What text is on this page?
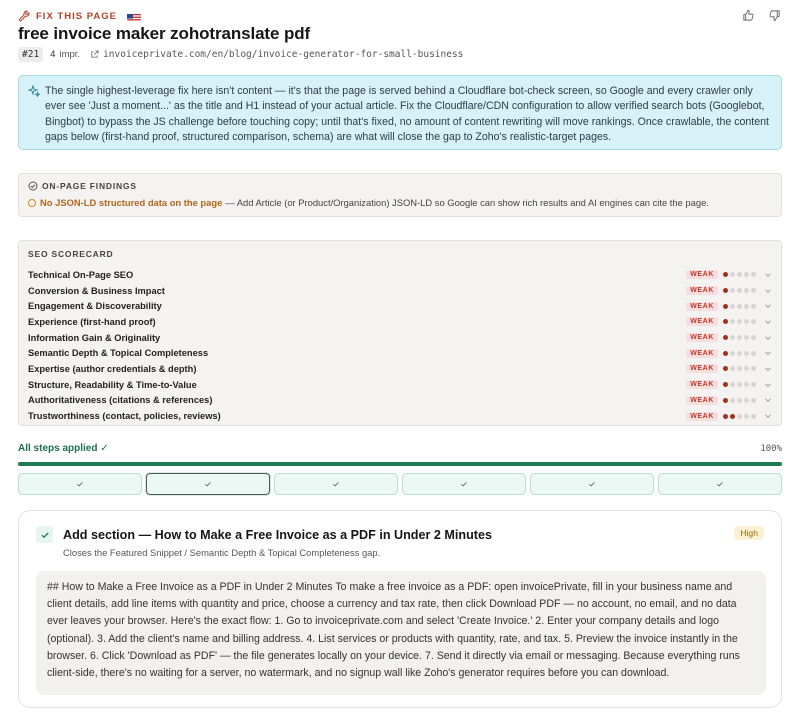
FIX THIS PAGE
free invoice maker zohotranslate pdf
#21	4 impr. invoiceprivate.com/en/blog/invoice-generator-for-small-business

The single highest-leverage fix here isn't content — it's that the page is served behind a Cloudflare bot-check screen, so Google and every crawler only ever see 'Just a moment...' as the title and H1 instead of your actual article. Fix the Cloudflare/CDN configuration to allow verified search bots (Googlebot, Bingbot) to bypass the JS challenge before touching copy; until that's fixed, no amount of content rewriting will move rankings. Once crawlable, the content gaps below (first-hand proof, structured comparison, schema) are what will close the gap to Zoho's realistic-target pages.

ON-PAGE FINDINGS
No JSON-LD structured data on the page — Add Article (or Product/Organization) JSON-LD so Google can show rich results and AI engines can cite the page.
SEO SCORECARD
Technical On-Page SEO	WEAK
Conversion & Business Impact	WEAK
Engagement & Discoverability	WEAK
Experience (first-hand proof)	WEAK
Information Gain & Originality	WEAK
Semantic Depth & Topical Completeness	WEAK
Expertise (author credentials & depth)	WEAK
Structure, Readability & Time-to-Value	WEAK
Authoritativeness (citations & references)	WEAK
Trustworthiness (contact, policies, reviews)	WEAK
All steps applied ✓	100%
Add section — How to Make a Free Invoice as a PDF in Under 2 Minutes
Closes the Featured Snippet / Semantic Depth & Topical Completeness gap.
High
## How to Make a Free Invoice as a PDF in Under 2 Minutes To make a free invoice as a PDF: open invoicePrivate, fill in your business name and client details, add line items with quantity and price, choose a currency and tax rate, then click Download PDF — no account, no email, and no data ever leaves your browser. Here's the exact flow: 1. Go to invoiceprivate.com and select 'Create Invoice.' 2. Enter your company details and logo (optional). 3. Add the client's name and billing address. 4. List services or products with quantity, rate, and tax. 5. Preview the invoice instantly in the browser. 6. Click 'Download as PDF' — the file generates locally on your device. 7. Send it directly via email or messaging. Because everything runs client-side, there's no waiting for a server, no watermark, and no signup wall like Zoho's generator requires before you can download.
